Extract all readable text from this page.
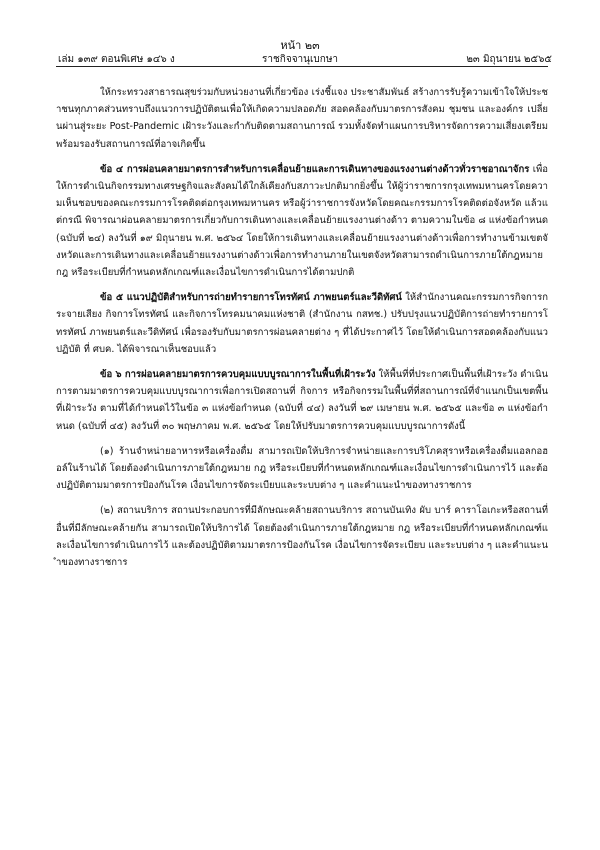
หน้า ๒๓
เล่ม ๑๓๙ ตอนพิเศษ ๑๔๖ ง	ราชกิจจานุเบกษา	๒๓ มิถุนายน ๒๕๖๕

ให้กระทรวงสาธารณสุขร่วมกับหน่วยงานที่เกี่ยวข้อง เร่งชี้แจง ประชาสัมพันธ์ สร้างการรับรู้ความเข้าใจให้ประชาชนทุกภาคส่วนทราบถึงแนวการปฏิบัติตนเพื่อให้เกิดความปลอดภัย สอดคล้องกับมาตรการสังคม ชุมชน และองค์กร เปลี่ยนผ่านสู่ระยะ Post-Pandemic เฝ้าระวังและกำกับติดตามสถานการณ์ รวมทั้งจัดทำแผนการบริหารจัดการความเสี่ยงเตรียมพร้อมรองรับสถานการณ์ที่อาจเกิดขึ้น

ข้อ ๔ การผ่อนคลายมาตรการสำหรับการเคลื่อนย้ายและการเดินทางของแรงงานต่างด้าวทั่วราชอาณาจักร เพื่อให้การดำเนินกิจกรรมทางเศรษฐกิจและสังคมได้ใกล้เคียงกับสภาวะปกติมากยิ่งขึ้น ให้ผู้ว่าราชการกรุงเทพมหานครโดยความเห็นชอบของคณะกรรมการโรคติดต่อกรุงเทพมหานคร หรือผู้ว่าราชการจังหวัดโดยคณะกรรมการโรคติดต่อจังหวัด แล้วแต่กรณี พิจารณาผ่อนคลายมาตรการเกี่ยวกับการเดินทางและเคลื่อนย้ายแรงงานต่างด้าว ตามความในข้อ ๘ แห่งข้อกำหนด (ฉบับที่ ๒๔) ลงวันที่ ๑๙ มิถุนายน พ.ศ. ๒๕๖๔ โดยให้การเดินทางและเคลื่อนย้ายแรงงานต่างด้าวเพื่อการทำงานข้ามเขตจังหวัดและการเดินทางและเคลื่อนย้ายแรงงานต่างด้าวเพื่อการทำงานภายในเขตจังหวัดสามารถดำเนินการภายใต้กฎหมาย กฎ หรือระเบียบที่กำหนดหลักเกณฑ์และเงื่อนไขการดำเนินการได้ตามปกติ

ข้อ ๕ แนวปฏิบัติสำหรับการถ่ายทำรายการโทรทัศน์ ภาพยนตร์และวีดิทัศน์ ให้สำนักงานคณะกรรมการกิจการกระจายเสียง กิจการโทรทัศน์ และกิจการโทรคมนาคมแห่งชาติ (สำนักงาน กสทช.) ปรับปรุงแนวปฏิบัติการถ่ายทำรายการโทรทัศน์ ภาพยนตร์และวีดิทัศน์ เพื่อรองรับกับมาตรการผ่อนคลายต่าง ๆ ที่ได้ประกาศไว้ โดยให้ดำเนินการสอดคล้องกับแนวปฏิบัติ ที่ ศบค. ได้พิจารณาเห็นชอบแล้ว

ข้อ ๖ การผ่อนคลายมาตรการควบคุมแบบบูรณาการในพื้นที่เฝ้าระวัง ให้พื้นที่ที่ประกาศเป็นพื้นที่เฝ้าระวัง ดำเนินการตามมาตรการควบคุมแบบบูรณาการเพื่อการเปิดสถานที่ กิจการ หรือกิจกรรมในพื้นที่ที่สถานการณ์ที่จำแนกเป็นเขตพื้นที่เฝ้าระวัง ตามที่ได้กำหนดไว้ในข้อ ๓ แห่งข้อกำหนด (ฉบับที่ ๔๔) ลงวันที่ ๒๙ เมษายน พ.ศ. ๒๕๖๕ และข้อ ๓ แห่งข้อกำหนด (ฉบับที่ ๔๕) ลงวันที่ ๓๐ พฤษภาคม พ.ศ. ๒๕๖๕ โดยให้ปรับมาตรการควบคุมแบบบูรณาการดังนี้

(๑) ร้านจำหน่ายอาหารหรือเครื่องดื่ม สามารถเปิดให้บริการจำหน่ายและการบริโภคสุราหรือเครื่องดื่มแอลกอฮอล์ในร้านได้ โดยต้องดำเนินการภายใต้กฎหมาย กฎ หรือระเบียบที่กำหนดหลักเกณฑ์และเงื่อนไขการดำเนินการไว้ และต้องปฏิบัติตามมาตรการป้องกันโรค เงื่อนไขการจัดระเบียบและระบบต่าง ๆ และคำแนะนำของทางราชการ

(๒) สถานบริการ สถานประกอบการที่มีลักษณะคล้ายสถานบริการ สถานบันเทิง ผับ บาร์ คาราโอเกะหรือสถานที่อื่นที่มีลักษณะคล้ายกัน สามารถเปิดให้บริการได้ โดยต้องดำเนินการภายใต้กฎหมาย กฎ หรือระเบียบที่กำหนดหลักเกณฑ์และเงื่อนไขการดำเนินการไว้ และต้องปฏิบัติตามมาตรการป้องกันโรค เงื่อนไขการจัดระเบียบ และระบบต่าง ๆ และคำแนะนำของทางราชการ
